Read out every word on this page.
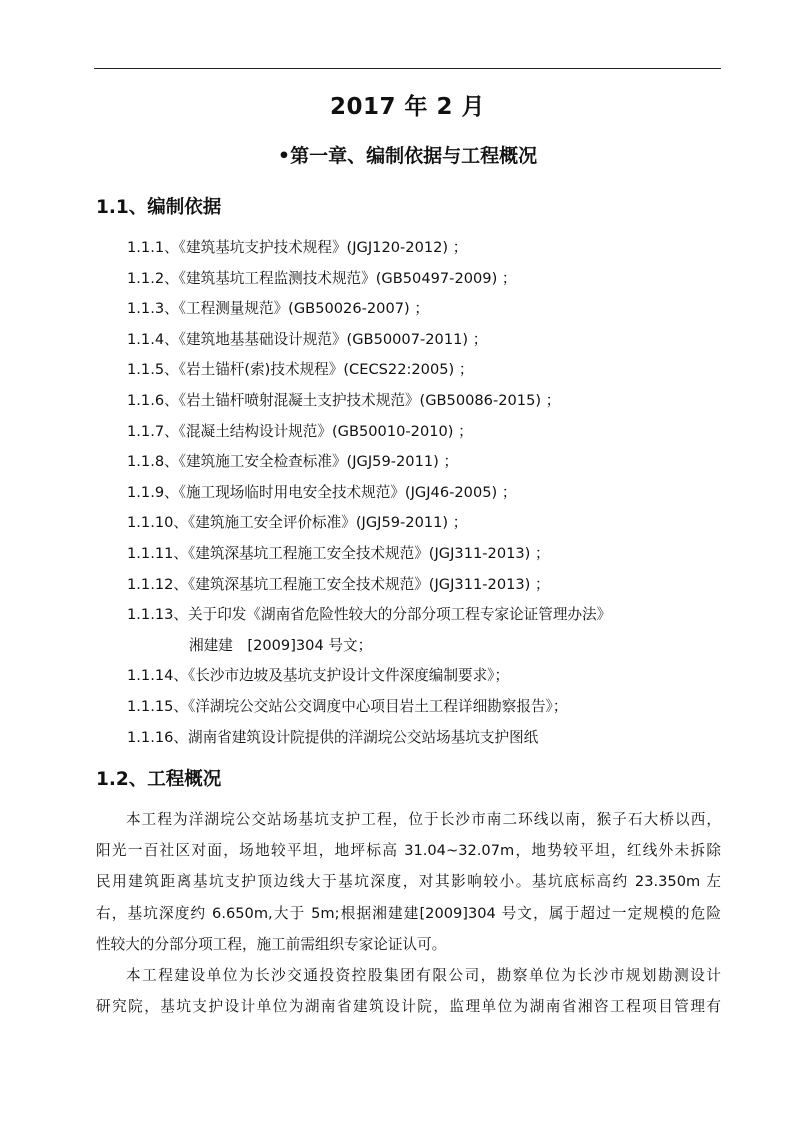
2017 年 2 月
•第一章、编制依据与工程概况
1.1、编制依据
1.1.1、《建筑基坑支护技术规程》(JGJ120-2012) ；
1.1.2、《建筑基坑工程监测技术规范》(GB50497-2009) ；
1.1.3、《工程测量规范》(GB50026-2007) ；
1.1.4、《建筑地基基础设计规范》(GB50007-2011) ；
1.1.5、《岩土锚杆(索)技术规程》(CECS22:2005) ；
1.1.6、《岩土锚杆喷射混凝土支护技术规范》(GB50086-2015) ；
1.1.7、《混凝土结构设计规范》(GB50010-2010) ；
1.1.8、《建筑施工安全检查标准》(JGJ59-2011) ；
1.1.9、《施工现场临时用电安全技术规范》(JGJ46-2005) ；
1.1.10、《建筑施工安全评价标准》(JGJ59-2011) ；
1.1.11、《建筑深基坑工程施工安全技术规范》(JGJ311-2013) ；
1.1.12、《建筑深基坑工程施工安全技术规范》(JGJ311-2013) ；
1.1.13、关于印发《湖南省危险性较大的分部分项工程专家论证管理办法》
湘建建　[2009]304 号文；
1.1.14、《长沙市边坡及基坑支护设计文件深度编制要求》；
1.1.15、《洋湖垸公交站公交调度中心项目岩土工程详细勘察报告》；
1.1.16、湖南省建筑设计院提供的洋湖垸公交站场基坑支护图纸
1.2、工程概况

本工程为洋湖垸公交站场基坑支护工程，位于长沙市南二环线以南，猴子石大桥以西，
阳光一百社区对面，场地较平坦，地坪标高 31.04~32.07m，地势较平坦，红线外未拆除
民用建筑距离基坑支护顶边线大于基坑深度，对其影响较小。基坑底标高约 23.350m 左
右，基坑深度约 6.650m,大于 5m;根据湘建建[2009]304 号文，属于超过一定规模的危险
性较大的分部分项工程，施工前需组织专家论证认可。

本工程建设单位为长沙交通投资控股集团有限公司，勘察单位为长沙市规划勘测设计
研究院，基坑支护设计单位为湖南省建筑设计院，监理单位为湖南省湘咨工程项目管理有
